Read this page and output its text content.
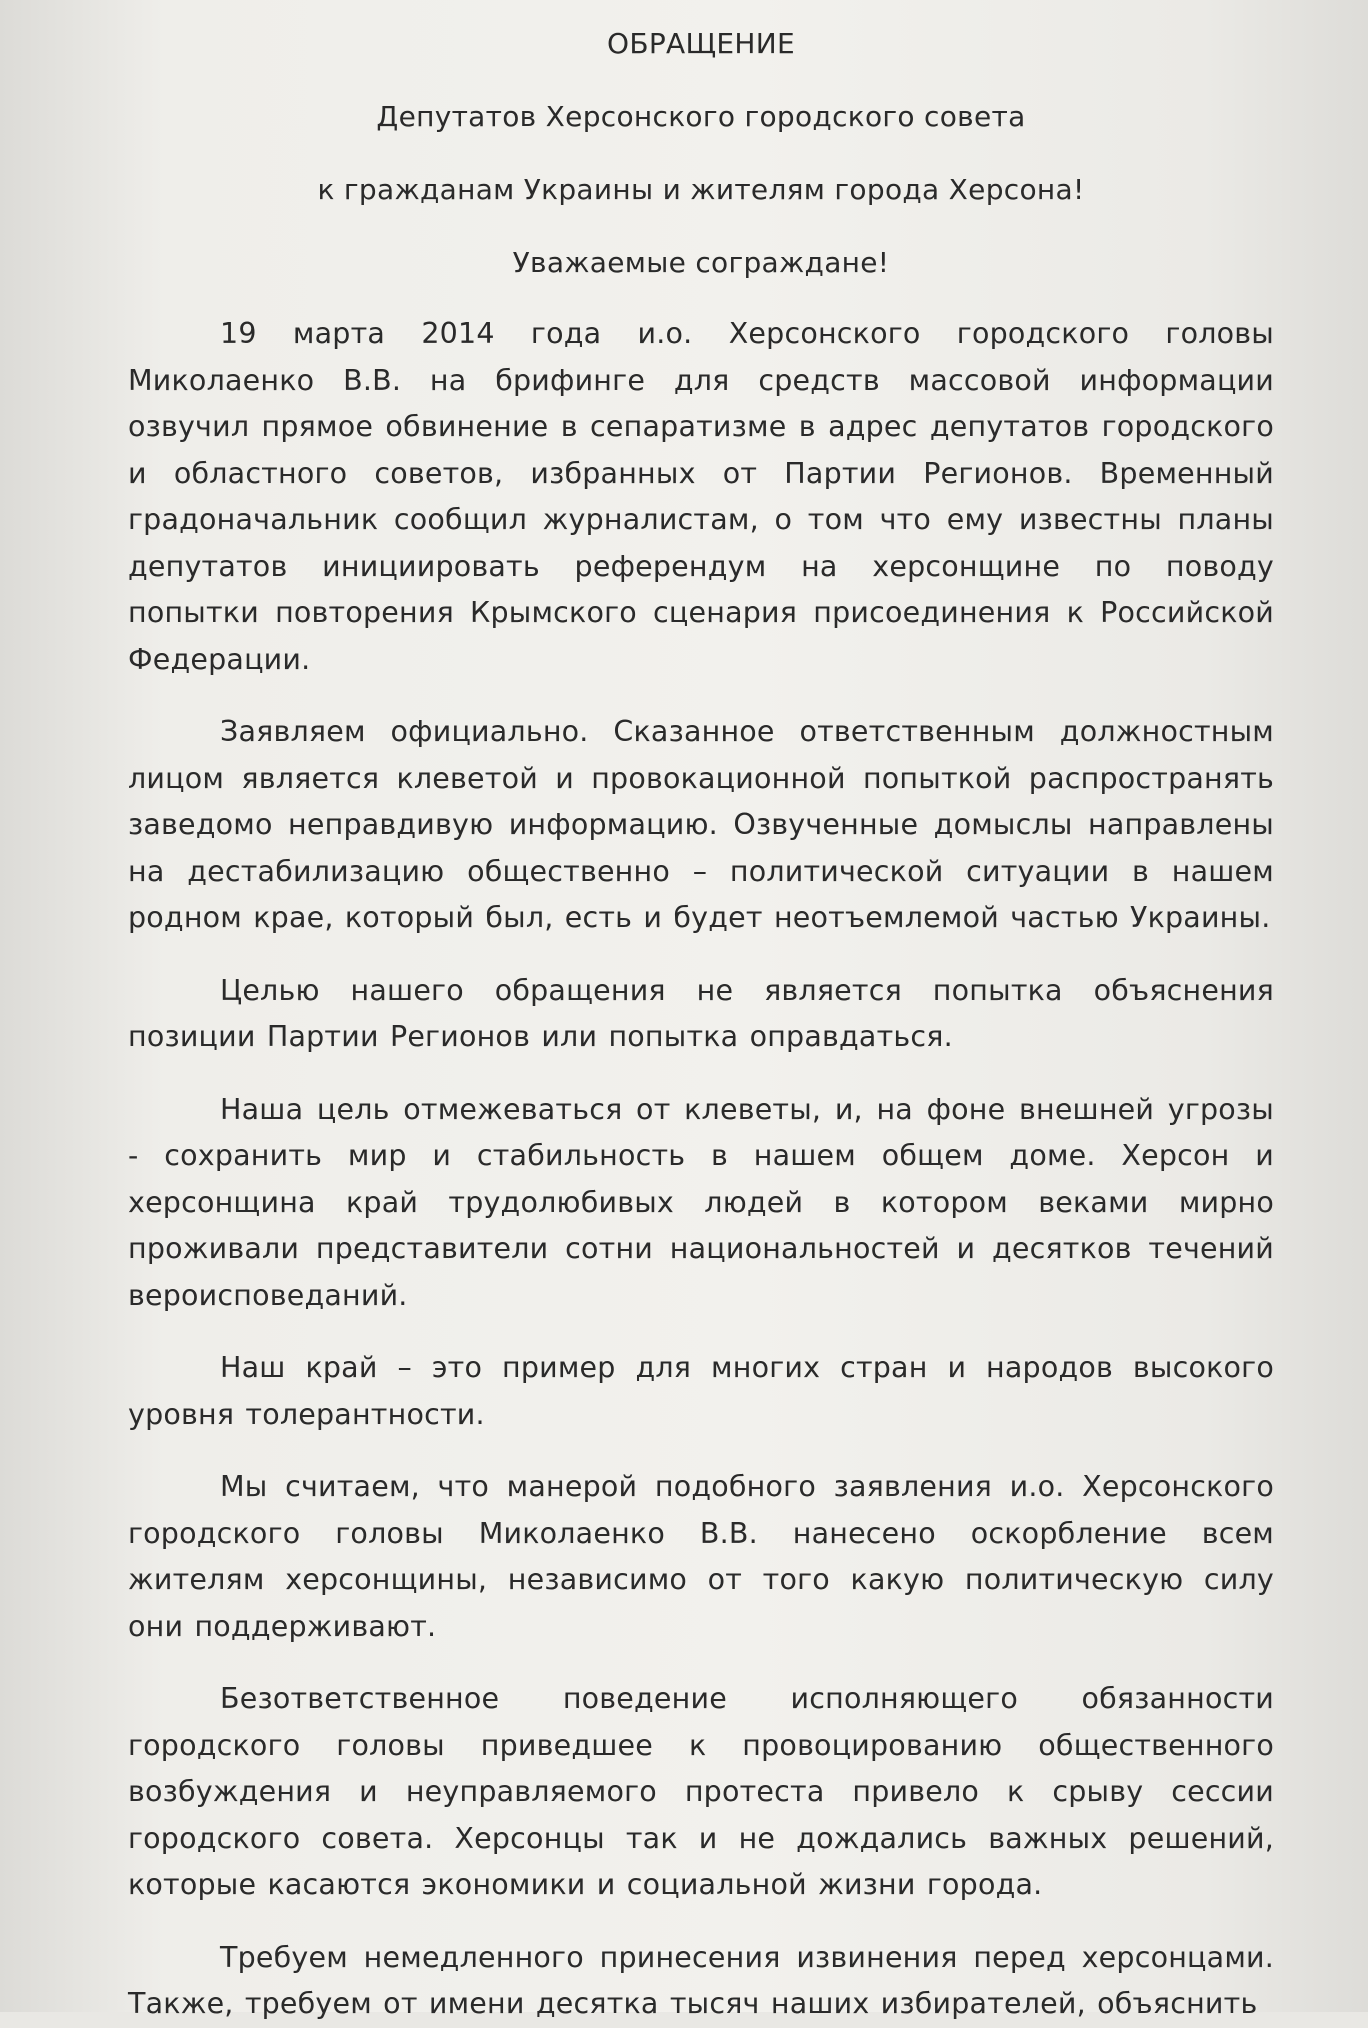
ОБРАЩЕНИЕ

Депутатов Херсонского городского совета

к гражданам Украины и жителям города Херсона!

Уважаемые сограждане!

19 марта 2014 года и.о. Херсонского городского головы Миколаенко В.В. на брифинге для средств массовой информации озвучил прямое обвинение в сепаратизме в адрес депутатов городского и областного советов, избранных от Партии Регионов. Временный градоначальник сообщил журналистам, о том что ему известны планы депутатов инициировать референдум на херсонщине по поводу попытки повторения Крымского сценария присоединения к Российской Федерации.

Заявляем официально. Сказанное ответственным должностным лицом является клеветой и провокационной попыткой распространять заведомо неправдивую информацию. Озвученные домыслы направлены на дестабилизацию общественно – политической ситуации в нашем родном крае, который был, есть и будет неотъемлемой частью Украины.

Целью нашего обращения не является попытка объяснения позиции Партии Регионов или попытка оправдаться.

Наша цель отмежеваться от клеветы, и, на фоне внешней угрозы - сохранить мир и стабильность в нашем общем доме. Херсон и херсонщина край трудолюбивых людей в котором веками мирно проживали представители сотни национальностей и десятков течений вероисповеданий.

Наш край – это пример для многих стран и народов высокого уровня толерантности.

Мы считаем, что манерой подобного заявления и.о. Херсонского городского головы Миколаенко В.В. нанесено оскорбление всем жителям херсонщины, независимо от того какую политическую силу они поддерживают.

Безответственное поведение исполняющего обязанности городского головы приведшее к провоцированию общественного возбуждения и неуправляемого протеста привело к срыву сессии городского совета. Херсонцы так и не дождались важных решений, которые касаются экономики и социальной жизни города.

Требуем немедленного принесения извинения перед херсонцами. Также, требуем от имени десятка тысяч наших избирателей, объяснить
